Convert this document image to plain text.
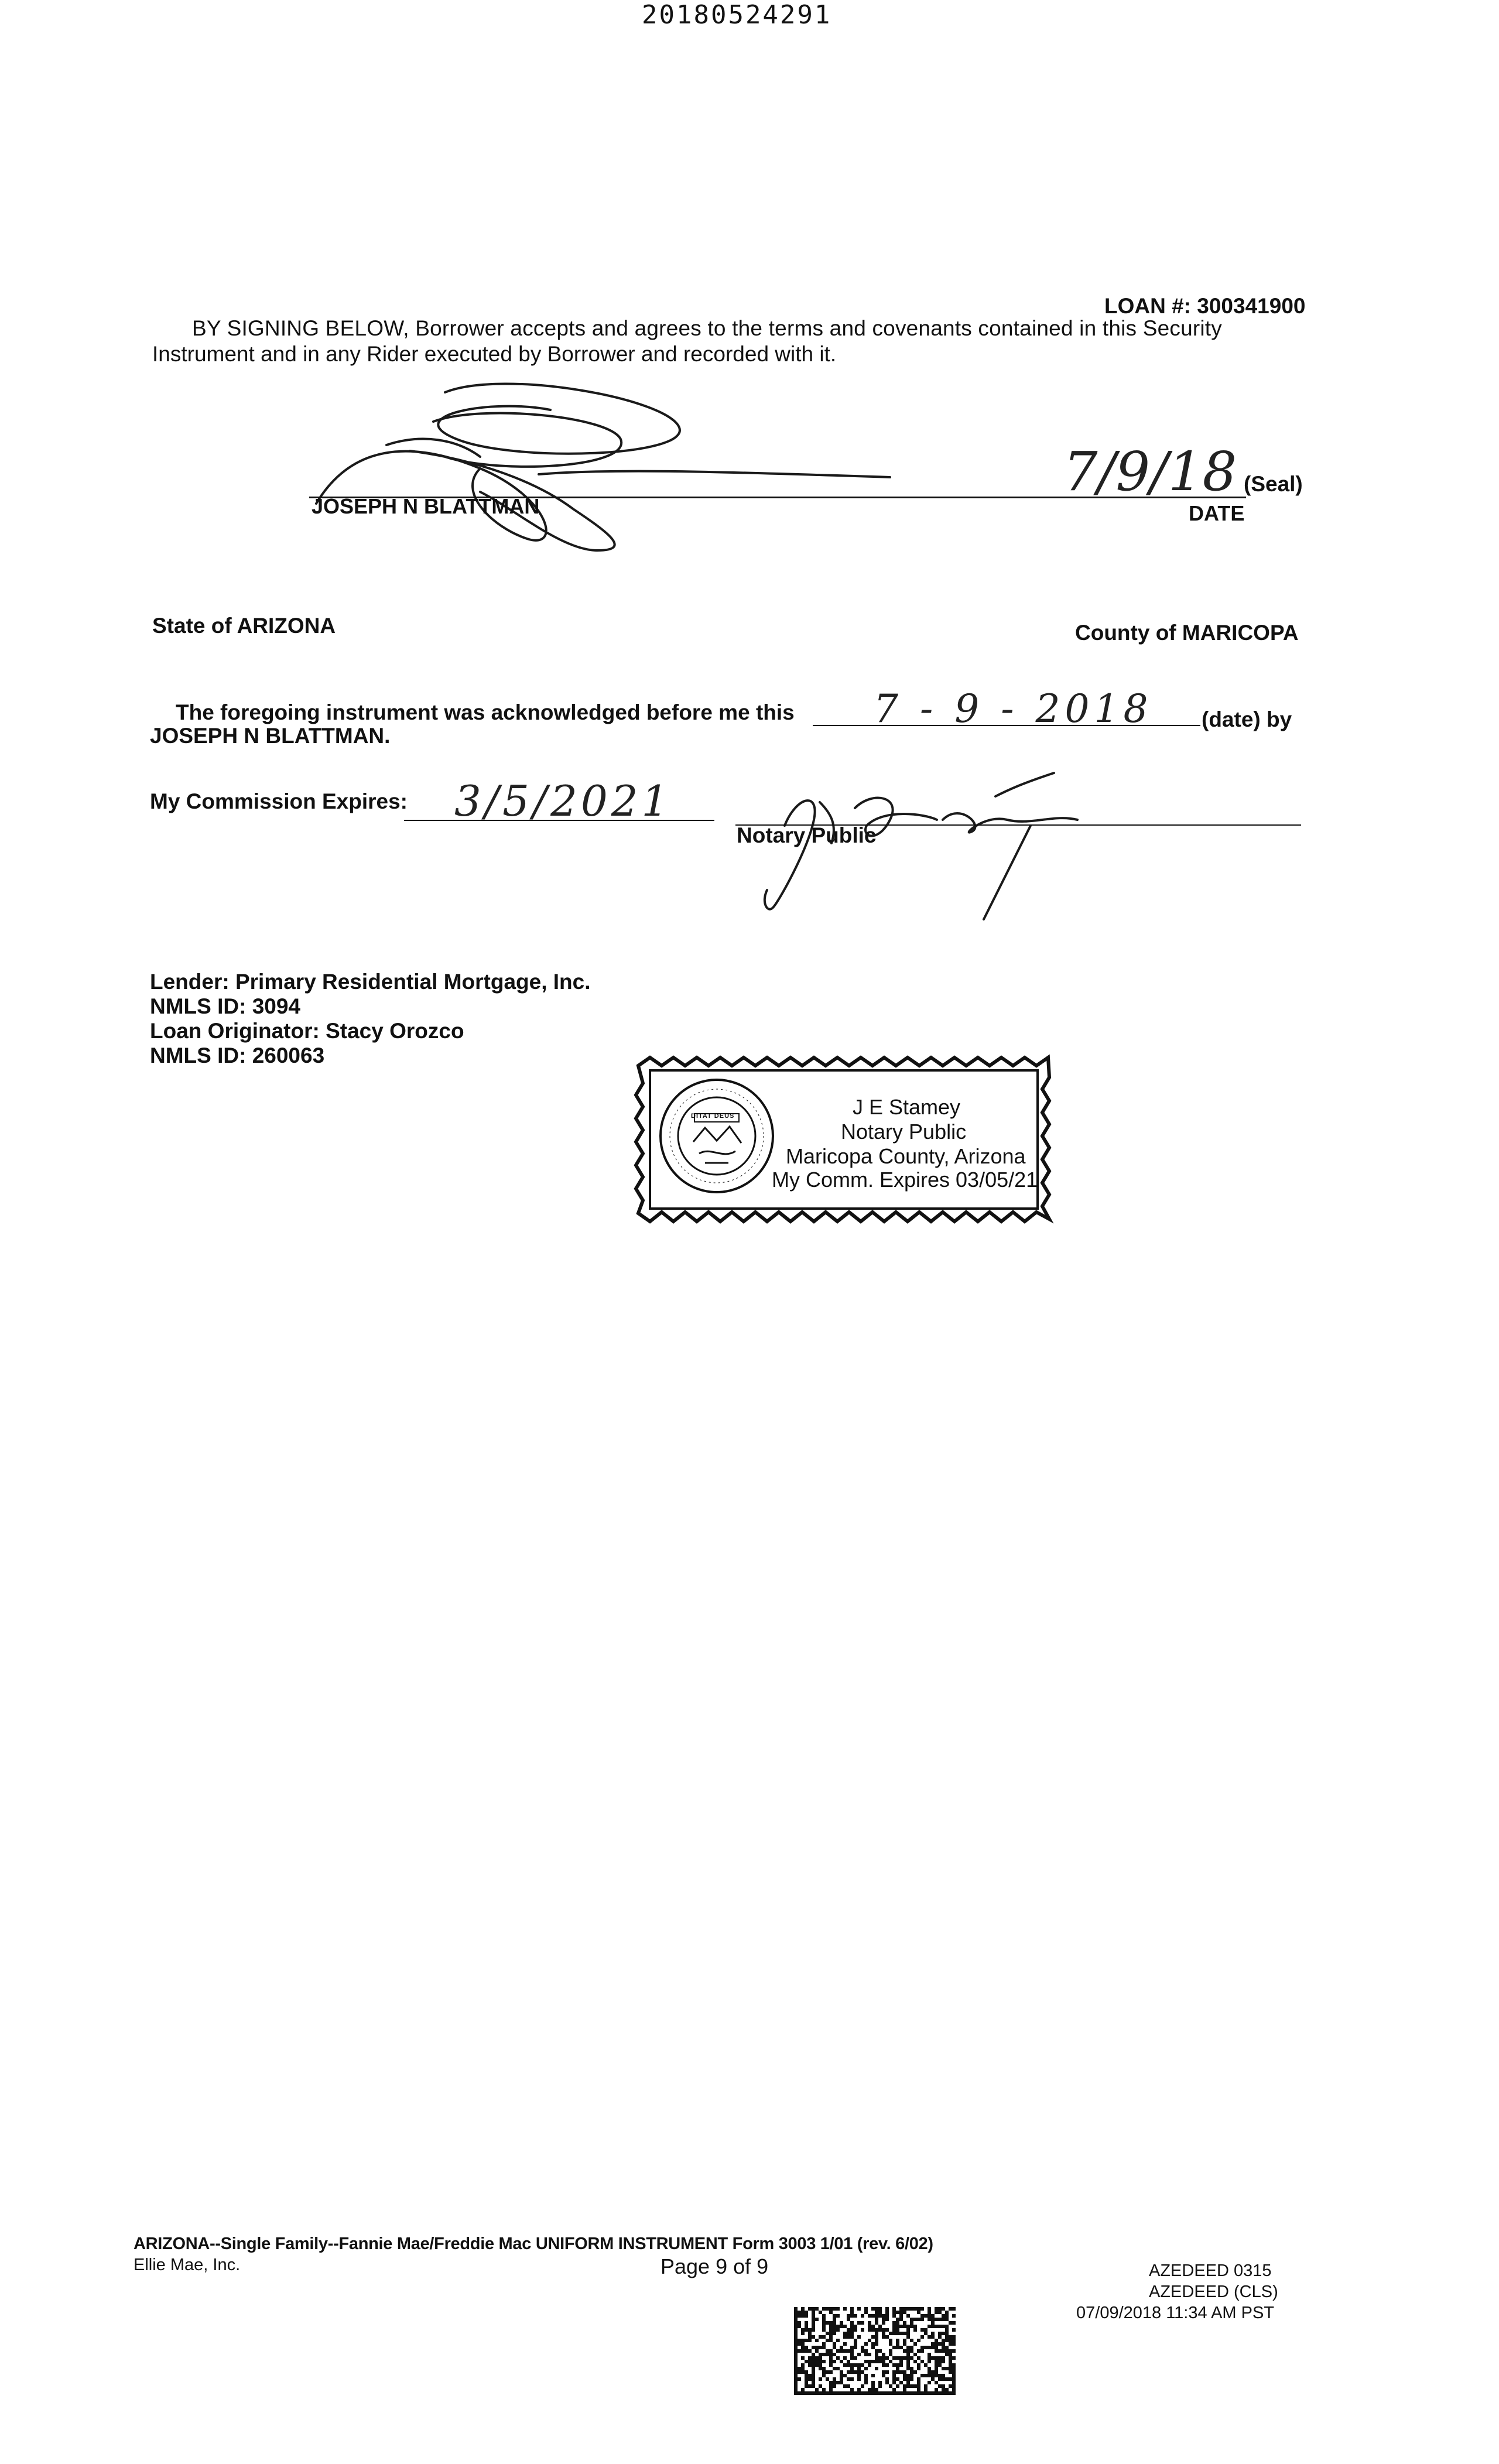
20180524291
LOAN #: 300341900
BY SIGNING BELOW, Borrower accepts and agrees to the terms and covenants contained in this Security
Instrument and in any Rider executed by Borrower and recorded with it.
JOSEPH N BLATTMAN
7/9/18
DATE
(Seal)
State of ARIZONA	County of MARICOPA
The foregoing instrument was acknowledged before me this 7 - 9 - 2018 (date) by
JOSEPH N BLATTMAN.
My Commission Expires: 3/5/2021
Notary Public
Lender: Primary Residential Mortgage, Inc.
NMLS ID: 3094
Loan Originator: Stacy Orozco
NMLS ID: 260063
DITAT DEUS	J E Stamey
Notary Public
Maricopa County, Arizona
My Comm. Expires 03/05/21
ARIZONA--Single Family--Fannie Mae/Freddie Mac UNIFORM INSTRUMENT Form 3003 1/01 (rev. 6/02)
Ellie Mae, Inc.	Page 9 of 9	AZEDEED 0315
AZEDEED (CLS)
07/09/2018 11:34 AM PST
